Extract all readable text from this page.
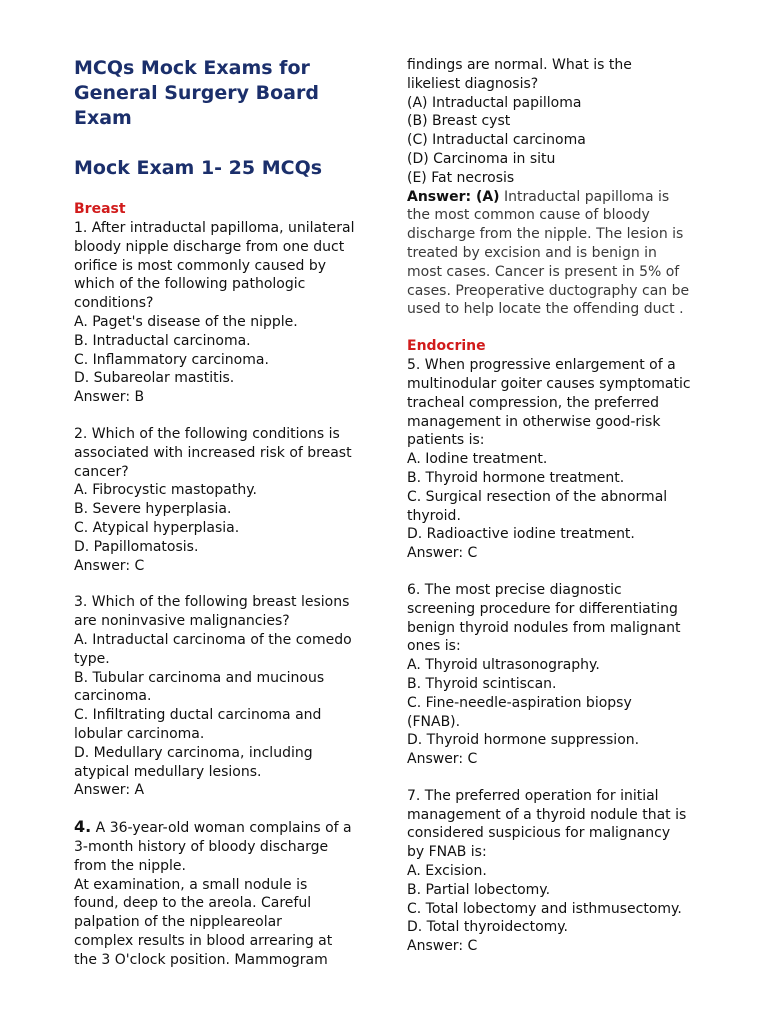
MCQs Mock Exams for
General Surgery Board
Exam
Mock Exam 1- 25 MCQs

Breast

1. After intraductal papilloma, unilateral
bloody nipple discharge from one duct
orifice is most commonly caused by
which of the following pathologic
conditions?
A. Paget's disease of the nipple.
B. Intraductal carcinoma.
C. Inflammatory carcinoma.
D. Subareolar mastitis.
Answer: B

2. Which of the following conditions is
associated with increased risk of breast
cancer?
A. Fibrocystic mastopathy.
B. Severe hyperplasia.
C. Atypical hyperplasia.
D. Papillomatosis.
Answer: C

3. Which of the following breast lesions
are noninvasive malignancies?
A. Intraductal carcinoma of the comedo
type.
B. Tubular carcinoma and mucinous
carcinoma.
C. Infiltrating ductal carcinoma and
lobular carcinoma.
D. Medullary carcinoma, including
atypical medullary lesions.
Answer: A

4. A 36-year-old woman complains of a
3-month history of bloody discharge
from the nipple.
At examination, a small nodule is
found, deep to the areola. Careful
palpation of the nippleareolar
complex results in blood arrearing at
the 3 O'clock position. Mammogram

findings are normal. What is the
likeliest diagnosis?
(A) Intraductal papilloma
(B) Breast cyst
(C) Intraductal carcinoma
(D) Carcinoma in situ
(E) Fat necrosis

Answer: (A) Intraductal papilloma is
the most common cause of bloody
discharge from the nipple. The lesion is
treated by excision and is benign in
most cases. Cancer is present in 5% of
cases. Preoperative ductography can be
used to help locate the offending duct .

Endocrine

5. When progressive enlargement of a
multinodular goiter causes symptomatic
tracheal compression, the preferred
management in otherwise good-risk
patients is:
A. Iodine treatment.
B. Thyroid hormone treatment.
C. Surgical resection of the abnormal
thyroid.
D. Radioactive iodine treatment.
Answer: C

6. The most precise diagnostic
screening procedure for differentiating
benign thyroid nodules from malignant
ones is:
A. Thyroid ultrasonography.
B. Thyroid scintiscan.
C. Fine-needle-aspiration biopsy
(FNAB).
D. Thyroid hormone suppression.
Answer: C

7. The preferred operation for initial
management of a thyroid nodule that is
considered suspicious for malignancy
by FNAB is:
A. Excision.
B. Partial lobectomy.
C. Total lobectomy and isthmusectomy.
D. Total thyroidectomy.
Answer: C
